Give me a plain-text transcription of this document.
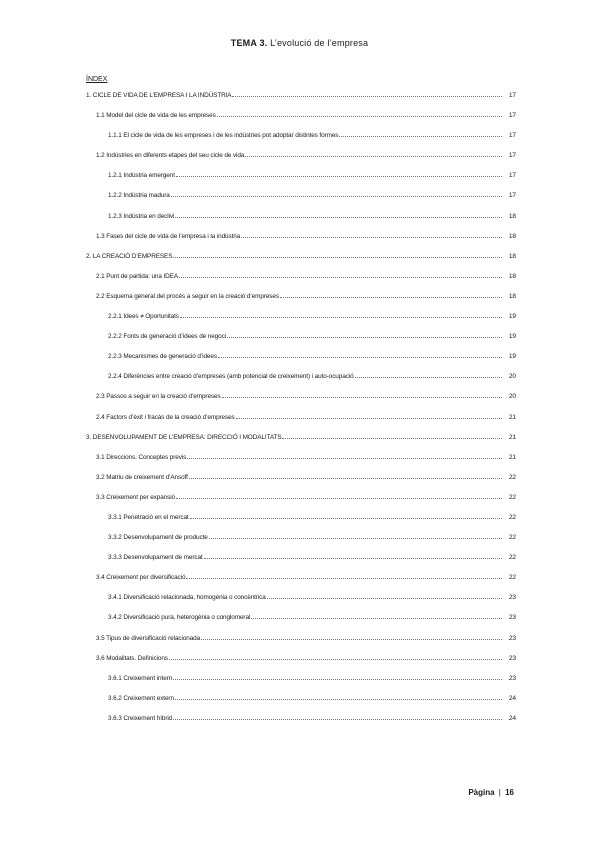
TEMA 3. L’evolució de l’empresa
ÍNDEX
1. CICLE DE VIDA DE L’EMPRESA I LA INDÚSTRIA	17
1.1 Model del cicle de vida de les empreses	17
1.1.1 El cicle de vida de les empreses i de les indústries pot adoptar distintes formes	17
1.2 Indústries en diferents etapes del seu cicle de vida	17
1.2.1 Indústria emergent	17
1.2.2 Indústria madura	17
1.2.3 Indústria en declivi	18
1.3 Fases del cicle de vida de l’empresa i la indústria	18
2. LA CREACIÓ D’EMPRESES	18
2.1 Punt de partida: una IDEA	18
2.2 Esquema general del procés a seguir en la creació d’empreses	18
2.2.1 Idees ≠ Oportunitats	19
2.2.2 Fonts de generació d’idees de negoci	19
2.2.3 Mecanismes de generació d’idees	19
2.2.4 Diferències entre creació d’empreses (amb potencial de creixement) i auto-ocupació	20
2.3 Passos a seguir en la creació d’empreses	20
2.4 Factors d’èxit i fracàs de la creació d’empreses	21
3. DESENVOLUPAMENT DE L’EMPRESA: DIRECCIÓ I MODALITATS	21
3.1 Direccions. Conceptes previs	21
3.2 Matriu de creixement d’Ansoff	22
3.3 Creixement per expansió	22
3.3.1 Penetració en el mercat	22
3.3.2 Desenvolupament de producte	22
3.3.3 Desenvolupament de mercat	22
3.4 Creixement per diversificació	22
3.4.1 Diversificació relacionada, homogènia o concèntrica	23
3.4.2 Diversificació pura, heterogènia o conglomeral	23
3.5 Tipus de diversificació relacionada	23
3.6 Modalitats. Definicions	23
3.6.1 Creixement intern	23
3.6.2 Creixement extern	24
3.6.3 Creixement híbrid	24
Pàgina | 16
